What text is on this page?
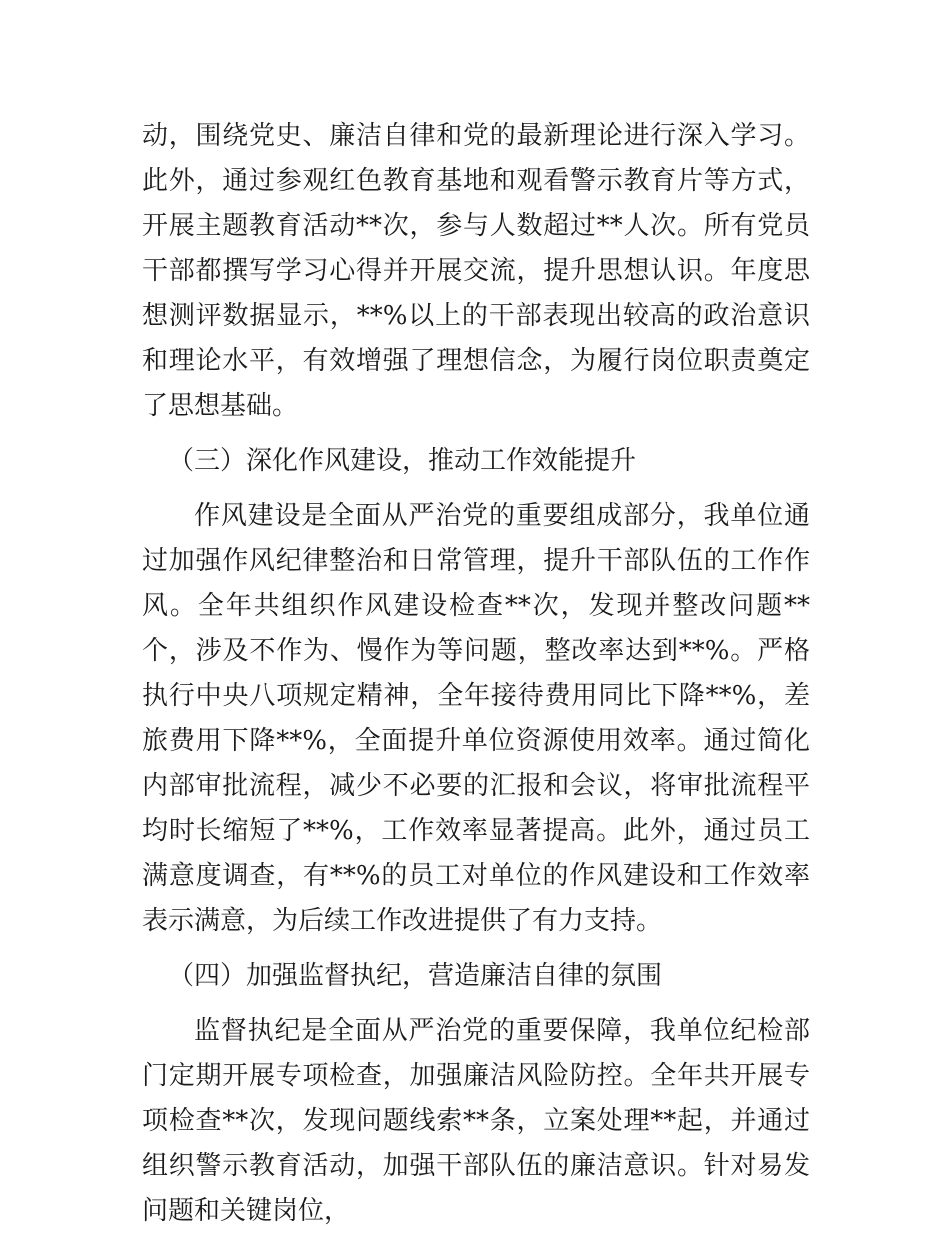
动，围绕党史、廉洁自律和党的最新理论进行深入学习。此外，通过参观红色教育基地和观看警示教育片等方式，开展主题教育活动**次，参与人数超过**人次。所有党员干部都撰写学习心得并开展交流，提升思想认识。年度思想测评数据显示，**%以上的干部表现出较高的政治意识和理论水平，有效增强了理想信念，为履行岗位职责奠定了思想基础。

（三）深化作风建设，推动工作效能提升

作风建设是全面从严治党的重要组成部分，我单位通过加强作风纪律整治和日常管理，提升干部队伍的工作作风。全年共组织作风建设检查**次，发现并整改问题**个，涉及不作为、慢作为等问题，整改率达到**%。严格执行中央八项规定精神，全年接待费用同比下降**%，差旅费用下降**%，全面提升单位资源使用效率。通过简化内部审批流程，减少不必要的汇报和会议，将审批流程平均时长缩短了**%，工作效率显著提高。此外，通过员工满意度调查，有**%的员工对单位的作风建设和工作效率表示满意，为后续工作改进提供了有力支持。

（四）加强监督执纪，营造廉洁自律的氛围

监督执纪是全面从严治党的重要保障，我单位纪检部门定期开展专项检查，加强廉洁风险防控。全年共开展专项检查**次，发现问题线索**条，立案处理**起，并通过组织警示教育活动，加强干部队伍的廉洁意识。针对易发问题和关键岗位，
